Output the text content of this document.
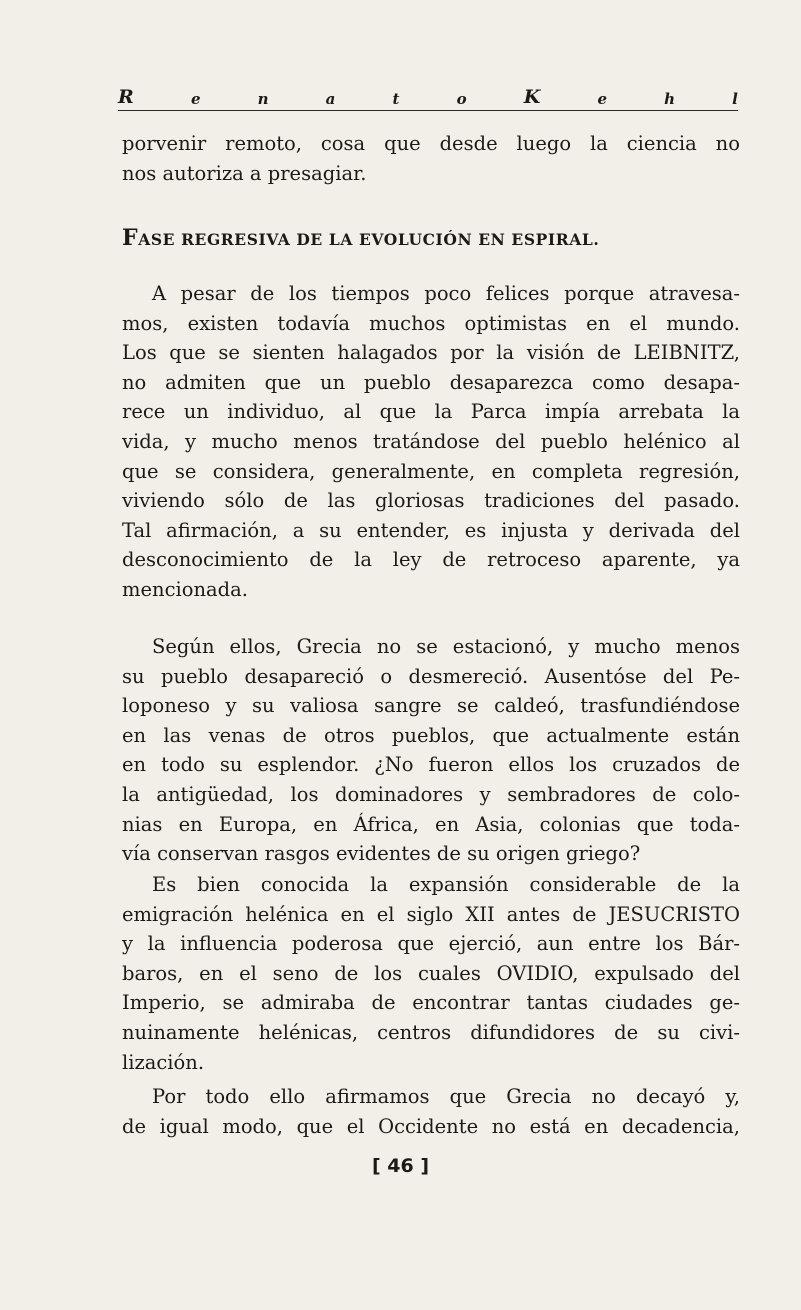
R	e	n	a	t	o	K	e	h	l
porvenir remoto, cosa que desde luego la ciencia no
nos autoriza a presagiar.
FASE REGRESIVA DE LA EVOLUCIÓN EN ESPIRAL.
A pesar de los tiempos poco felices porque atravesa-
mos, existen todavía muchos optimistas en el mundo.
Los que se sienten halagados por la visión de LEIBNITZ,
no admiten que un pueblo desaparezca como desapa-
rece un individuo, al que la Parca impía arrebata la
vida, y mucho menos tratándose del pueblo helénico al
que se considera, generalmente, en completa regresión,
viviendo sólo de las gloriosas tradiciones del pasado.
Tal afirmación, a su entender, es injusta y derivada del
desconocimiento de la ley de retroceso aparente, ya
mencionada.
Según ellos, Grecia no se estacionó, y mucho menos
su pueblo desapareció o desmereció. Ausentóse del Pe-
loponeso y su valiosa sangre se caldeó, trasfundiéndose
en las venas de otros pueblos, que actualmente están
en todo su esplendor. ¿No fueron ellos los cruzados de
la antigüedad, los dominadores y sembradores de colo-
nias en Europa, en África, en Asia, colonias que toda-
vía conservan rasgos evidentes de su origen griego?
Es bien conocida la expansión considerable de la
emigración helénica en el siglo XII antes de JESUCRISTO
y la influencia poderosa que ejerció, aun entre los Bár-
baros, en el seno de los cuales OVIDIO, expulsado del
Imperio, se admiraba de encontrar tantas ciudades ge-
nuinamente helénicas, centros difundidores de su civi-
lización.
Por todo ello afirmamos que Grecia no decayó y,
de igual modo, que el Occidente no está en decadencia,
[ 46 ]
